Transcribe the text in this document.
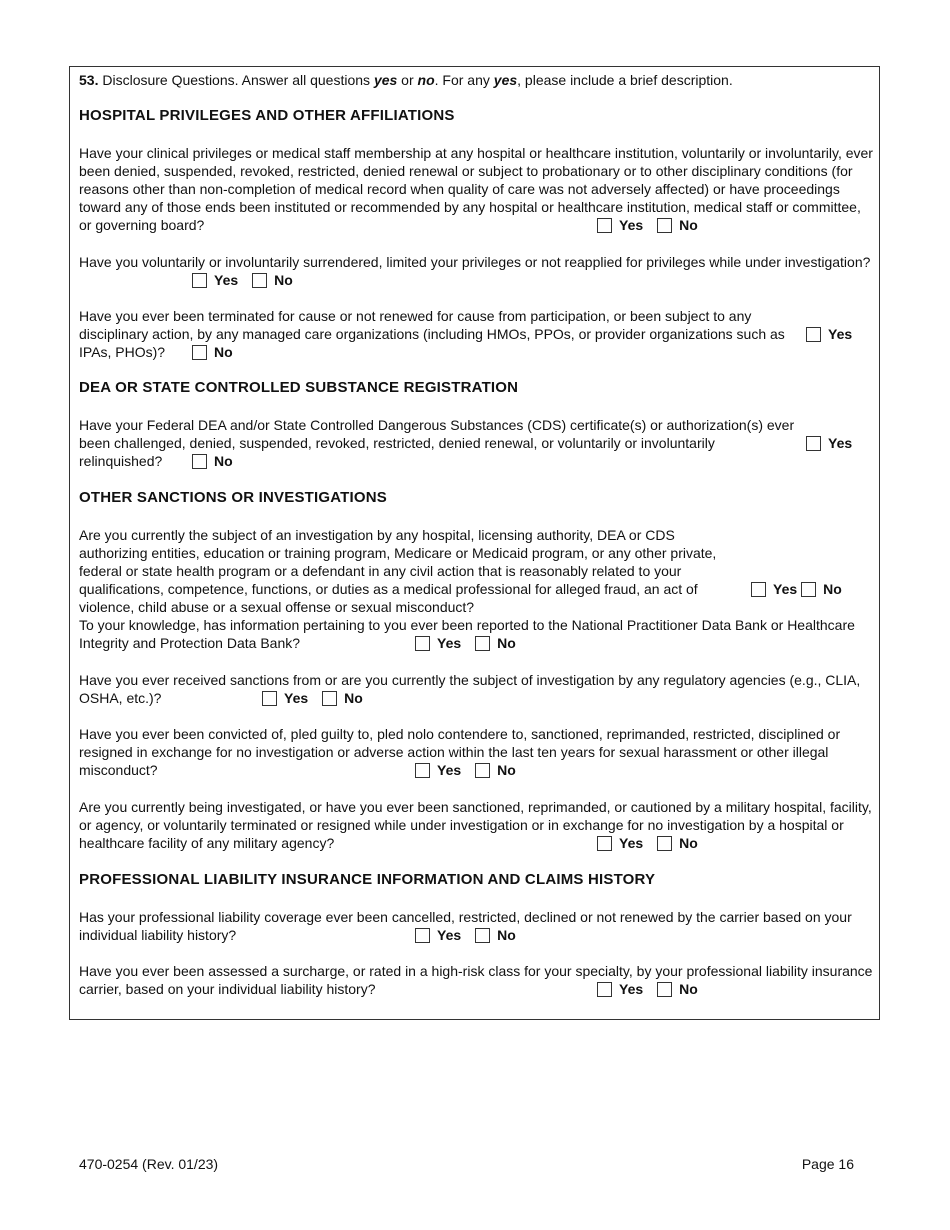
53. Disclosure Questions. Answer all questions yes or no. For any yes, please include a brief description.
HOSPITAL PRIVILEGES AND OTHER AFFILIATIONS
Have your clinical privileges or medical staff membership at any hospital or healthcare institution, voluntarily or involuntarily, ever been denied, suspended, revoked, restricted, denied renewal or subject to probationary or to other disciplinary conditions (for reasons other than non-completion of medical record when quality of care was not adversely affected) or have proceedings toward any of those ends been instituted or recommended by any hospital or healthcare institution, medical staff or committee, or governing board?	Yes	No
Have you voluntarily or involuntarily surrendered, limited your privileges or not reapplied for privileges while under investigation?
Yes	No
Have you ever been terminated for cause or not renewed for cause from participation, or been subject to any disciplinary action, by any managed care organizations (including HMOs, PPOs, or provider organizations such as IPAs, PHOs)?
Yes
No
DEA OR STATE CONTROLLED SUBSTANCE REGISTRATION
Have your Federal DEA and/or State Controlled Dangerous Substances (CDS) certificate(s) or authorization(s) ever been challenged, denied, suspended, revoked, restricted, denied renewal, or voluntarily or involuntarily relinquished?
Yes
No
OTHER SANCTIONS OR INVESTIGATIONS
Are you currently the subject of an investigation by any hospital, licensing authority, DEA or CDS authorizing entities, education or training program, Medicare or Medicaid program, or any other private, federal or state health program or a defendant in any civil action that is reasonably related to your qualifications, competence, functions, or duties as a medical professional for alleged fraud, an act of violence, child abuse or a sexual offense or sexual misconduct?
Yes No
To your knowledge, has information pertaining to you ever been reported to the National Practitioner Data Bank or Healthcare Integrity and Protection Data Bank?	Yes	No
Have you ever received sanctions from or are you currently the subject of investigation by any regulatory agencies (e.g., CLIA, OSHA, etc.)?	Yes	No
Have you ever been convicted of, pled guilty to, pled nolo contendere to, sanctioned, reprimanded, restricted, disciplined or resigned in exchange for no investigation or adverse action within the last ten years for sexual harassment or other illegal misconduct?	Yes	No
Are you currently being investigated, or have you ever been sanctioned, reprimanded, or cautioned by a military hospital, facility, or agency, or voluntarily terminated or resigned while under investigation or in exchange for no investigation by a hospital or healthcare facility of any military agency?	Yes	No
PROFESSIONAL LIABILITY INSURANCE INFORMATION AND CLAIMS HISTORY
Has your professional liability coverage ever been cancelled, restricted, declined or not renewed by the carrier based on your individual liability history?	Yes	No
Have you ever been assessed a surcharge, or rated in a high-risk class for your specialty, by your professional liability insurance carrier, based on your individual liability history?	Yes	No
470-0254 (Rev. 01/23)	Page 16
